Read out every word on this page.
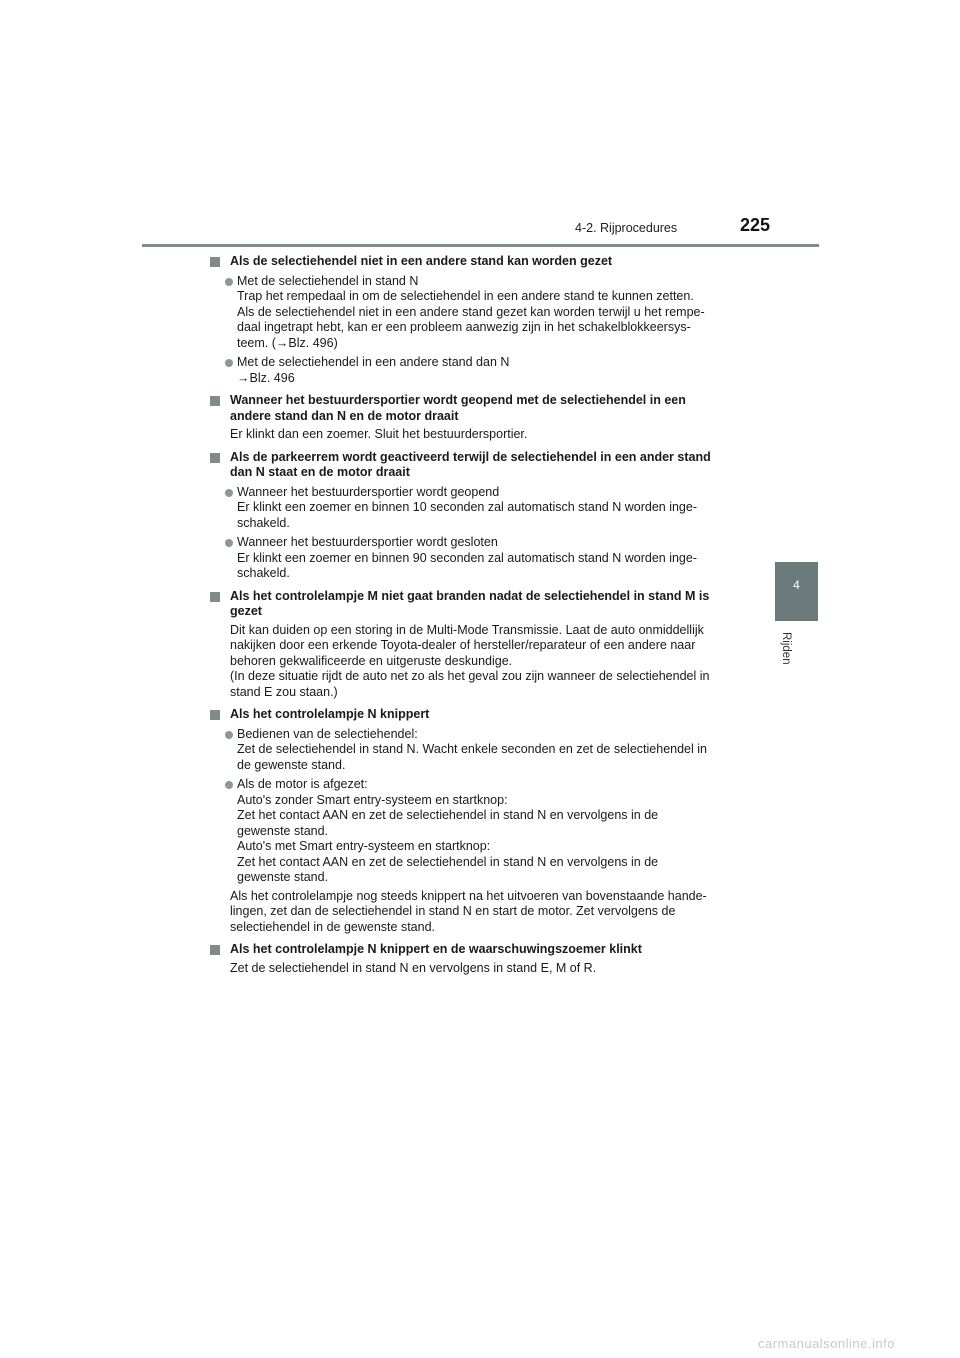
4-2. Rijprocedures	225
4
Rijden
Als de selectiehendel niet in een andere stand kan worden gezet
Met de selectiehendel in stand N
Trap het rempedaal in om de selectiehendel in een andere stand te kunnen zetten.
Als de selectiehendel niet in een andere stand gezet kan worden terwijl u het rempe-
daal ingetrapt hebt, kan er een probleem aanwezig zijn in het schakelblokkeersys-
teem. (→Blz. 496)
Met de selectiehendel in een andere stand dan N
→Blz. 496
Wanneer het bestuurdersportier wordt geopend met de selectiehendel in een
andere stand dan N en de motor draait
Er klinkt dan een zoemer. Sluit het bestuurdersportier.
Als de parkeerrem wordt geactiveerd terwijl de selectiehendel in een ander stand
dan N staat en de motor draait
Wanneer het bestuurdersportier wordt geopend
Er klinkt een zoemer en binnen 10 seconden zal automatisch stand N worden inge-
schakeld.
Wanneer het bestuurdersportier wordt gesloten
Er klinkt een zoemer en binnen 90 seconden zal automatisch stand N worden inge-
schakeld.
Als het controlelampje M niet gaat branden nadat de selectiehendel in stand M is
gezet
Dit kan duiden op een storing in de Multi-Mode Transmissie. Laat de auto onmiddellijk
nakijken door een erkende Toyota-dealer of hersteller/reparateur of een andere naar
behoren gekwalificeerde en uitgeruste deskundige.
(In deze situatie rijdt de auto net zo als het geval zou zijn wanneer de selectiehendel in
stand E zou staan.)
Als het controlelampje N knippert
Bedienen van de selectiehendel:
Zet de selectiehendel in stand N. Wacht enkele seconden en zet de selectiehendel in
de gewenste stand.
Als de motor is afgezet:
Auto's zonder Smart entry-systeem en startknop:
Zet het contact AAN en zet de selectiehendel in stand N en vervolgens in de
gewenste stand.
Auto's met Smart entry-systeem en startknop:
Zet het contact AAN en zet de selectiehendel in stand N en vervolgens in de
gewenste stand.
Als het controlelampje nog steeds knippert na het uitvoeren van bovenstaande hande-
lingen, zet dan de selectiehendel in stand N en start de motor. Zet vervolgens de
selectiehendel in de gewenste stand.
Als het controlelampje N knippert en de waarschuwingszoemer klinkt
Zet de selectiehendel in stand N en vervolgens in stand E, M of R.
carmanualsonline.info
